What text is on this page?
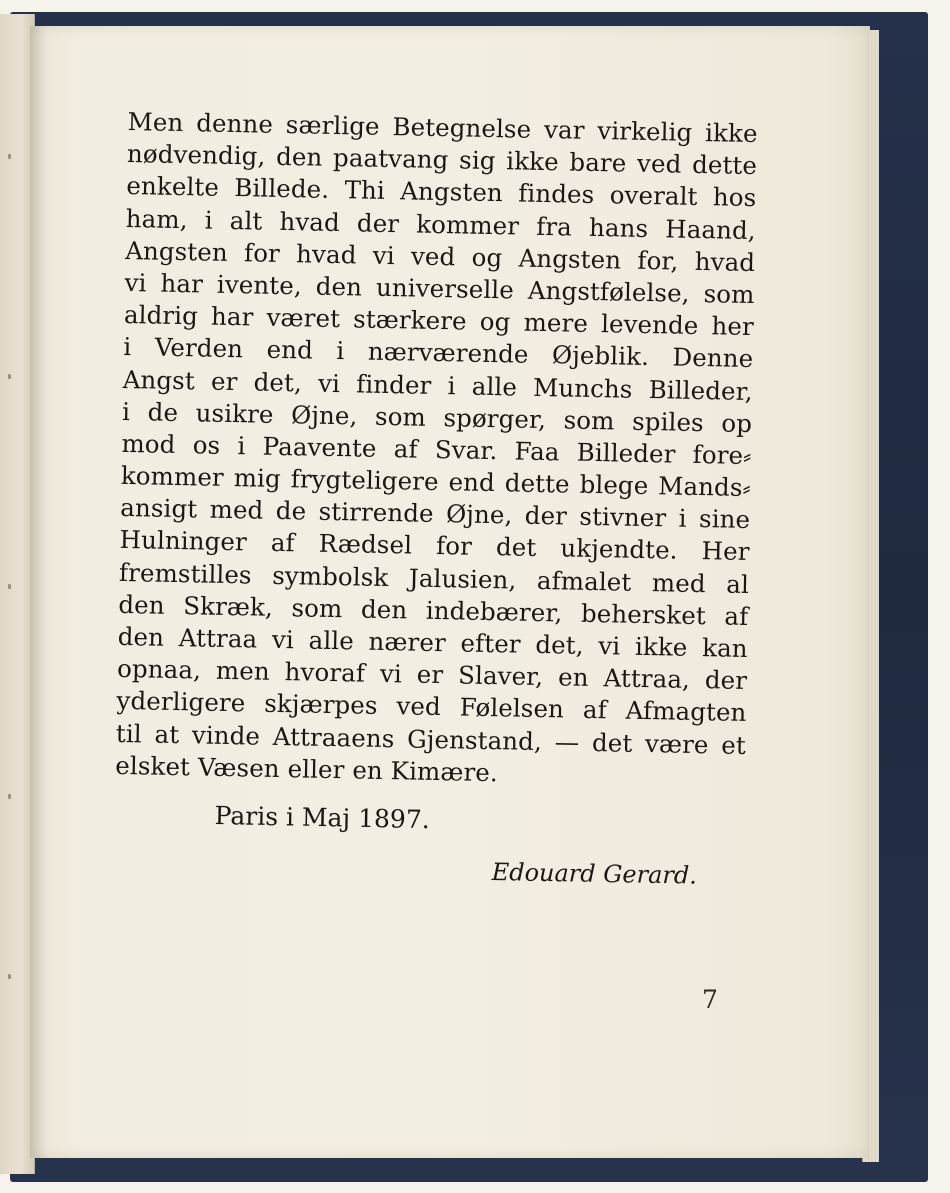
Men denne særlige Betegnelse var virkelig ikke
nødvendig, den paatvang sig ikke bare ved dette
enkelte Billede. Thi Angsten findes overalt hos
ham, i alt hvad der kommer fra hans Haand,
Angsten for hvad vi ved og Angsten for, hvad
vi har ivente, den universelle Angstfølelse, som
aldrig har været stærkere og mere levende her
i Verden end i nærværende Øjeblik. Denne
Angst er det, vi finder i alle Munchs Billeder,
i de usikre Øjne, som spørger, som spiles op
mod os i Paavente af Svar. Faa Billeder fore⸗
kommer mig frygteligere end dette blege Mands⸗
ansigt med de stirrende Øjne, der stivner i sine
Hulninger af Rædsel for det ukjendte. Her
fremstilles symbolsk Jalusien, afmalet med al
den Skræk, som den indebærer, behersket af
den Attraa vi alle nærer efter det, vi ikke kan
opnaa, men hvoraf vi er Slaver, en Attraa, der
yderligere skjærpes ved Følelsen af Afmagten
til at vinde Attraaens Gjenstand, — det være et
elsket Væsen eller en Kimære.
Paris i Maj 1897.
Edouard Gerard.
7
